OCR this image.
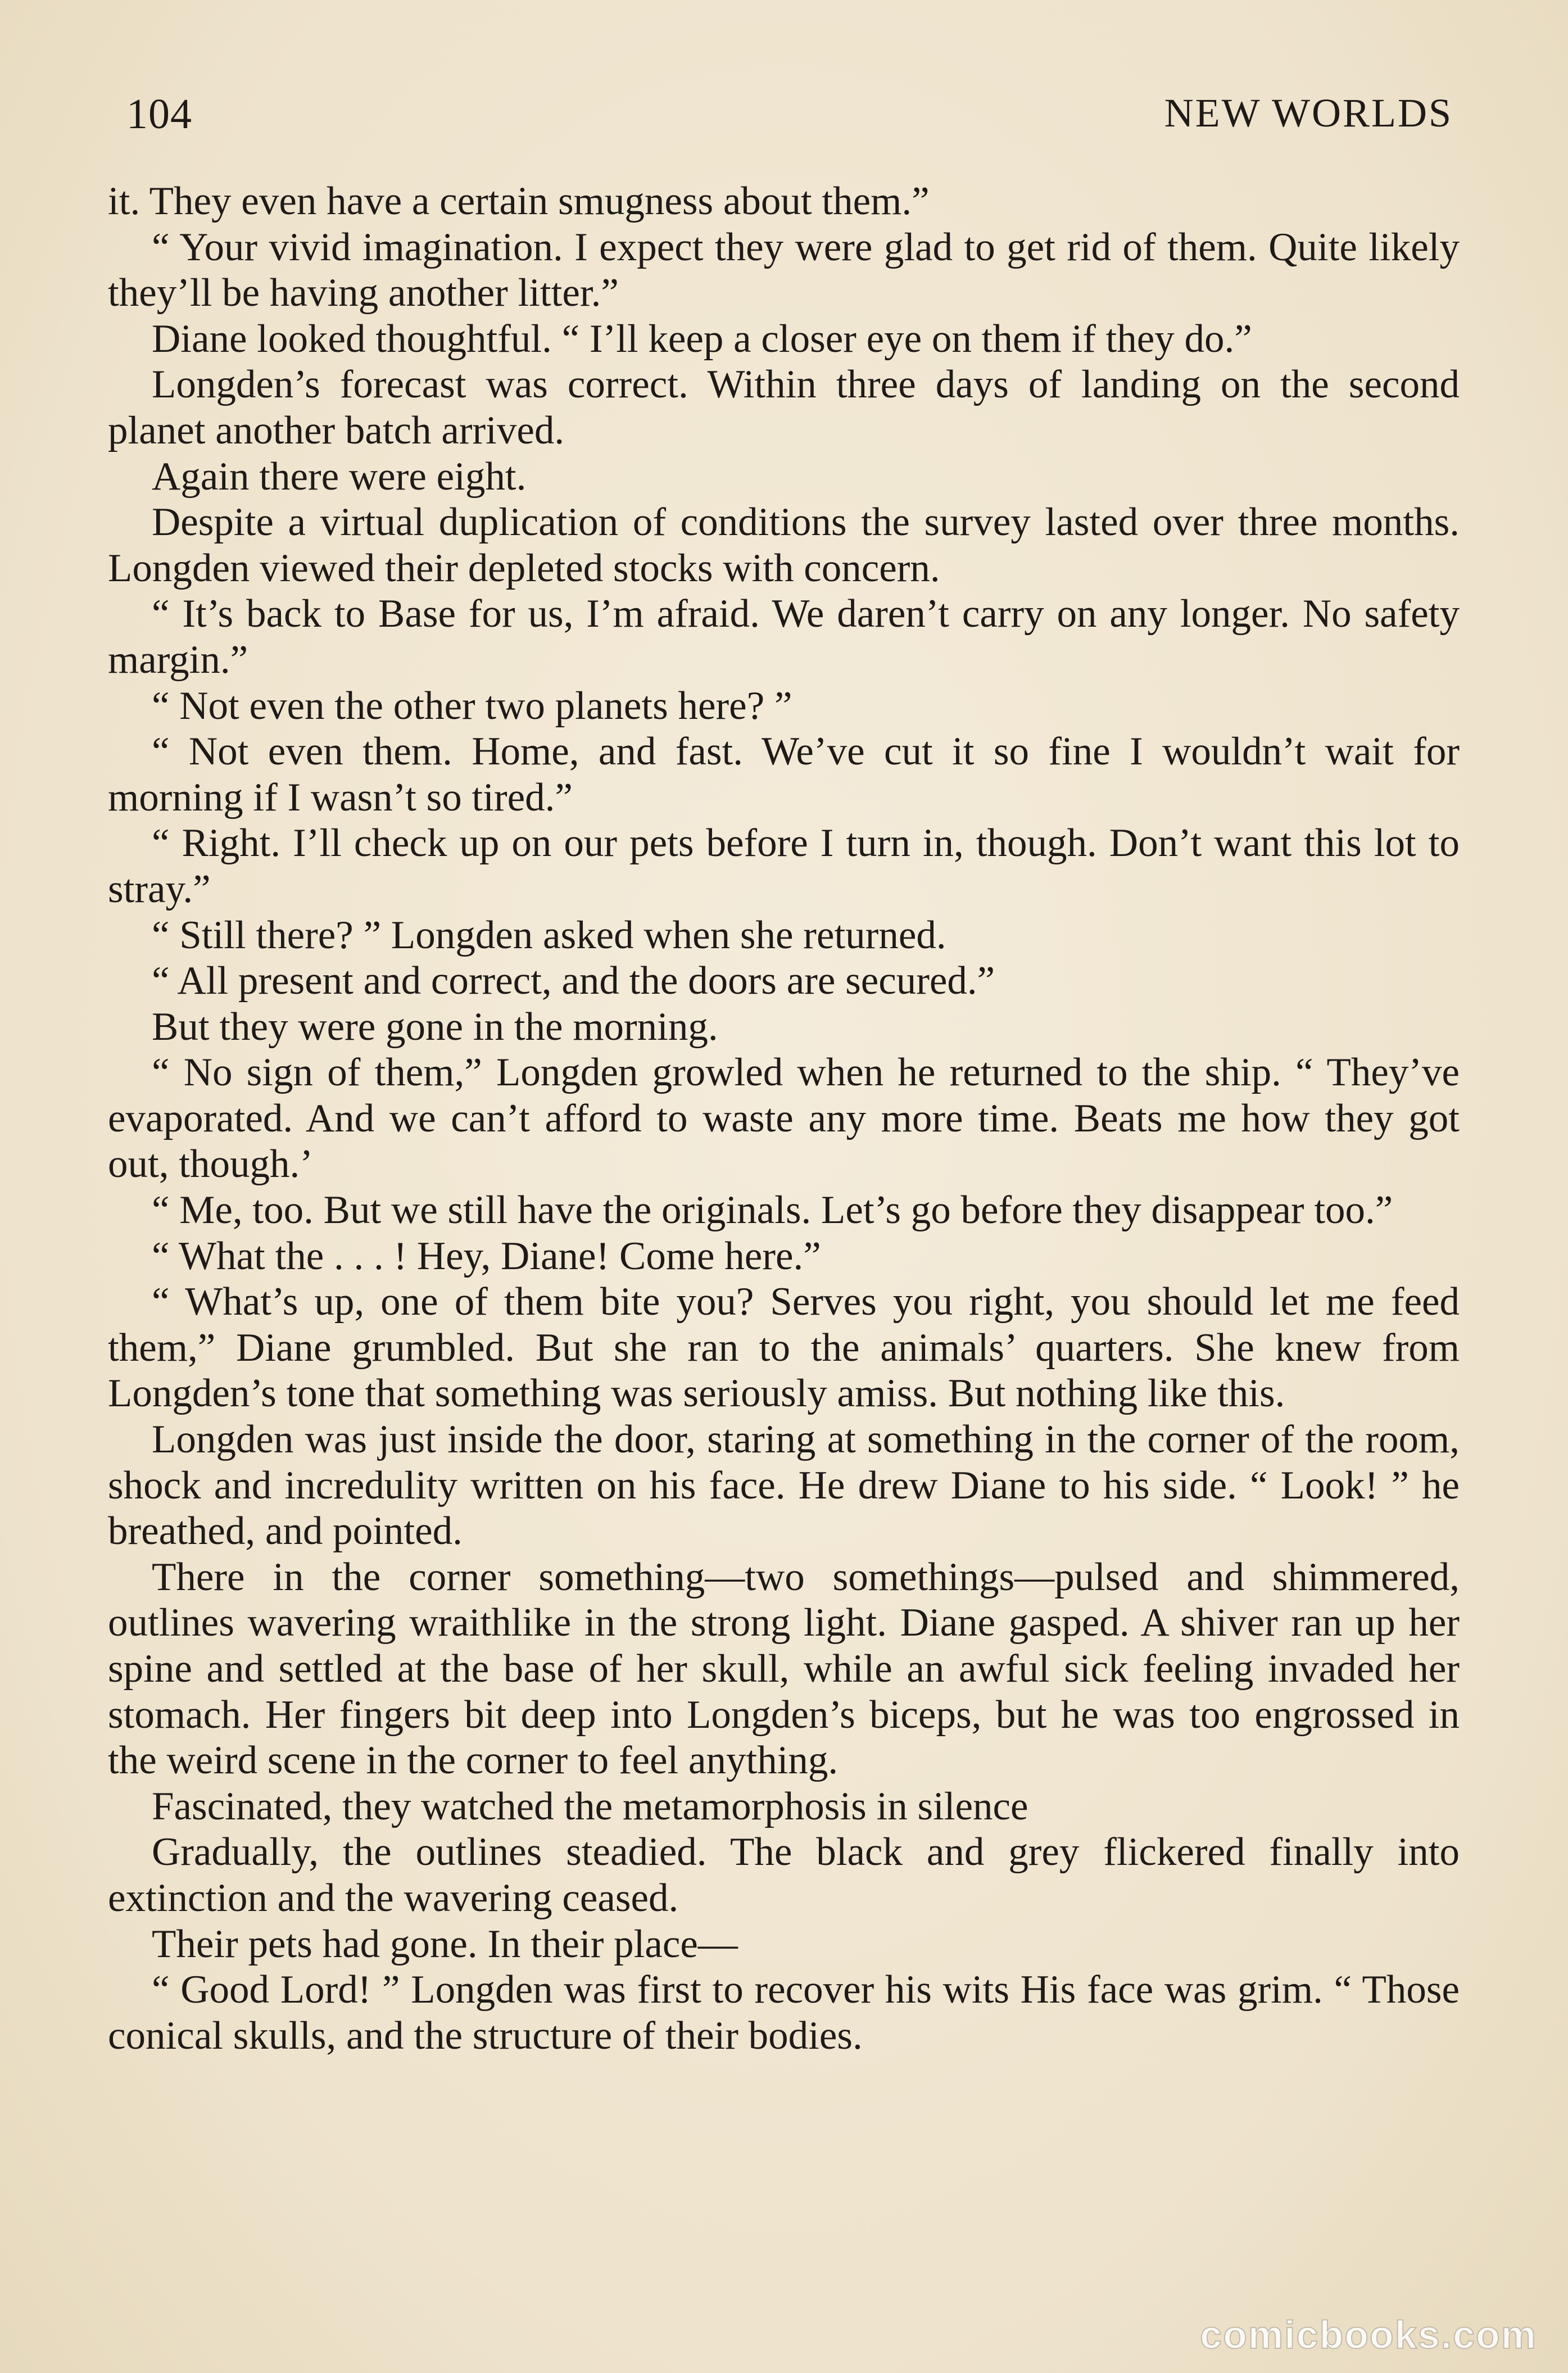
104	NEW WORLDS

it. They even have a certain smugness about them.”

“ Your vivid imagination. I expect they were glad to get rid of them. Quite likely they’ll be having another litter.”

Diane looked thoughtful. “ I’ll keep a closer eye on them if they do.”

Longden’s forecast was correct. Within three days of landing on the second planet another batch arrived.

Again there were eight.

Despite a virtual duplication of conditions the survey lasted over three months. Longden viewed their depleted stocks with concern.

“ It’s back to Base for us, I’m afraid. We daren’t carry on any longer. No safety margin.”

“ Not even the other two planets here? ”

“ Not even them. Home, and fast. We’ve cut it so fine I wouldn’t wait for morning if I wasn’t so tired.”

“ Right. I’ll check up on our pets before I turn in, though. Don’t want this lot to stray.”

“ Still there? ” Longden asked when she returned.

“ All present and correct, and the doors are secured.”

But they were gone in the morning.

“ No sign of them,” Longden growled when he returned to the ship. “ They’ve evaporated. And we can’t afford to waste any more time. Beats me how they got out, though.’

“ Me, too. But we still have the originals. Let’s go before they disappear too.”

“ What the . . . ! Hey, Diane! Come here.”

“ What’s up, one of them bite you? Serves you right, you should let me feed them,” Diane grumbled. But she ran to the animals’ quarters. She knew from Longden’s tone that something was seriously amiss. But nothing like this.

Longden was just inside the door, staring at something in the corner of the room, shock and incredulity written on his face. He drew Diane to his side. “ Look! ” he breathed, and pointed.

There in the corner something—two somethings—pulsed and shimmered, outlines wavering wraithlike in the strong light. Diane gasped. A shiver ran up her spine and settled at the base of her skull, while an awful sick feeling invaded her stomach. Her fingers bit deep into Longden’s biceps, but he was too engrossed in the weird scene in the corner to feel anything.

Fascinated, they watched the metamorphosis in silence

Gradually, the outlines steadied. The black and grey flickered finally into extinction and the wavering ceased.

Their pets had gone. In their place—

“ Good Lord! ” Longden was first to recover his wits His face was grim. “ Those conical skulls, and the structure of their bodies.

comicbooks.com
